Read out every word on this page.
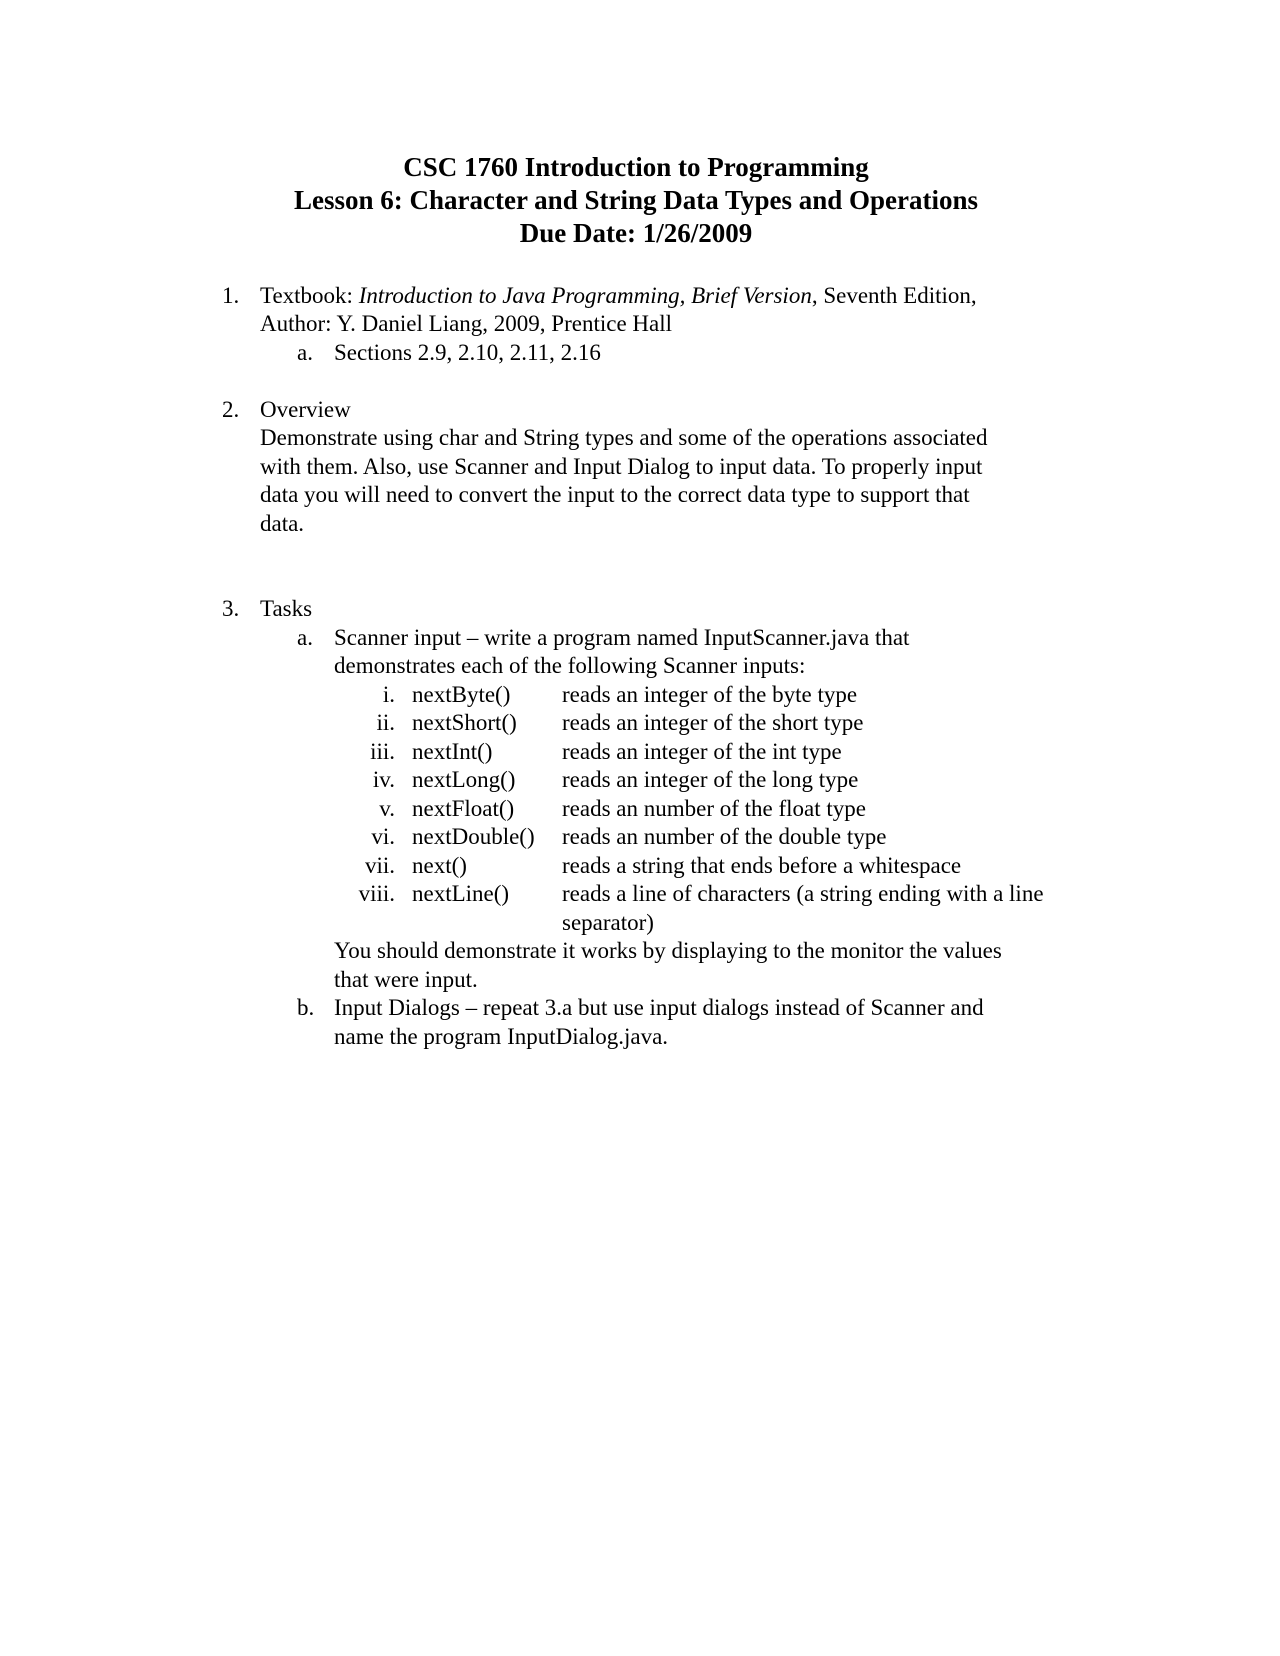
CSC 1760 Introduction to Programming
Lesson 6: Character and String Data Types and Operations
Due Date: 1/26/2009
1. Textbook: Introduction to Java Programming, Brief Version, Seventh Edition,
Author: Y. Daniel Liang, 2009, Prentice Hall
a. Sections 2.9, 2.10, 2.11, 2.16
2. Overview
Demonstrate using char and String types and some of the operations associated
with them. Also, use Scanner and Input Dialog to input data. To properly input
data you will need to convert the input to the correct data type to support that
data.
3. Tasks
a. Scanner input – write a program named InputScanner.java that
demonstrates each of the following Scanner inputs:
i. nextByte() reads an integer of the byte type
ii. nextShort() reads an integer of the short type
iii. nextInt()	reads an integer of the int type
iv. nextLong() reads an integer of the long type
v. nextFloat() reads an number of the float type
vi. nextDouble() reads an number of the double type
vii. next()	reads a string that ends before a whitespace
viii. nextLine() reads a line of characters (a string ending with a line
separator)
You should demonstrate it works by displaying to the monitor the values
that were input.
b. Input Dialogs – repeat 3.a but use input dialogs instead of Scanner and
name the program InputDialog.java.
